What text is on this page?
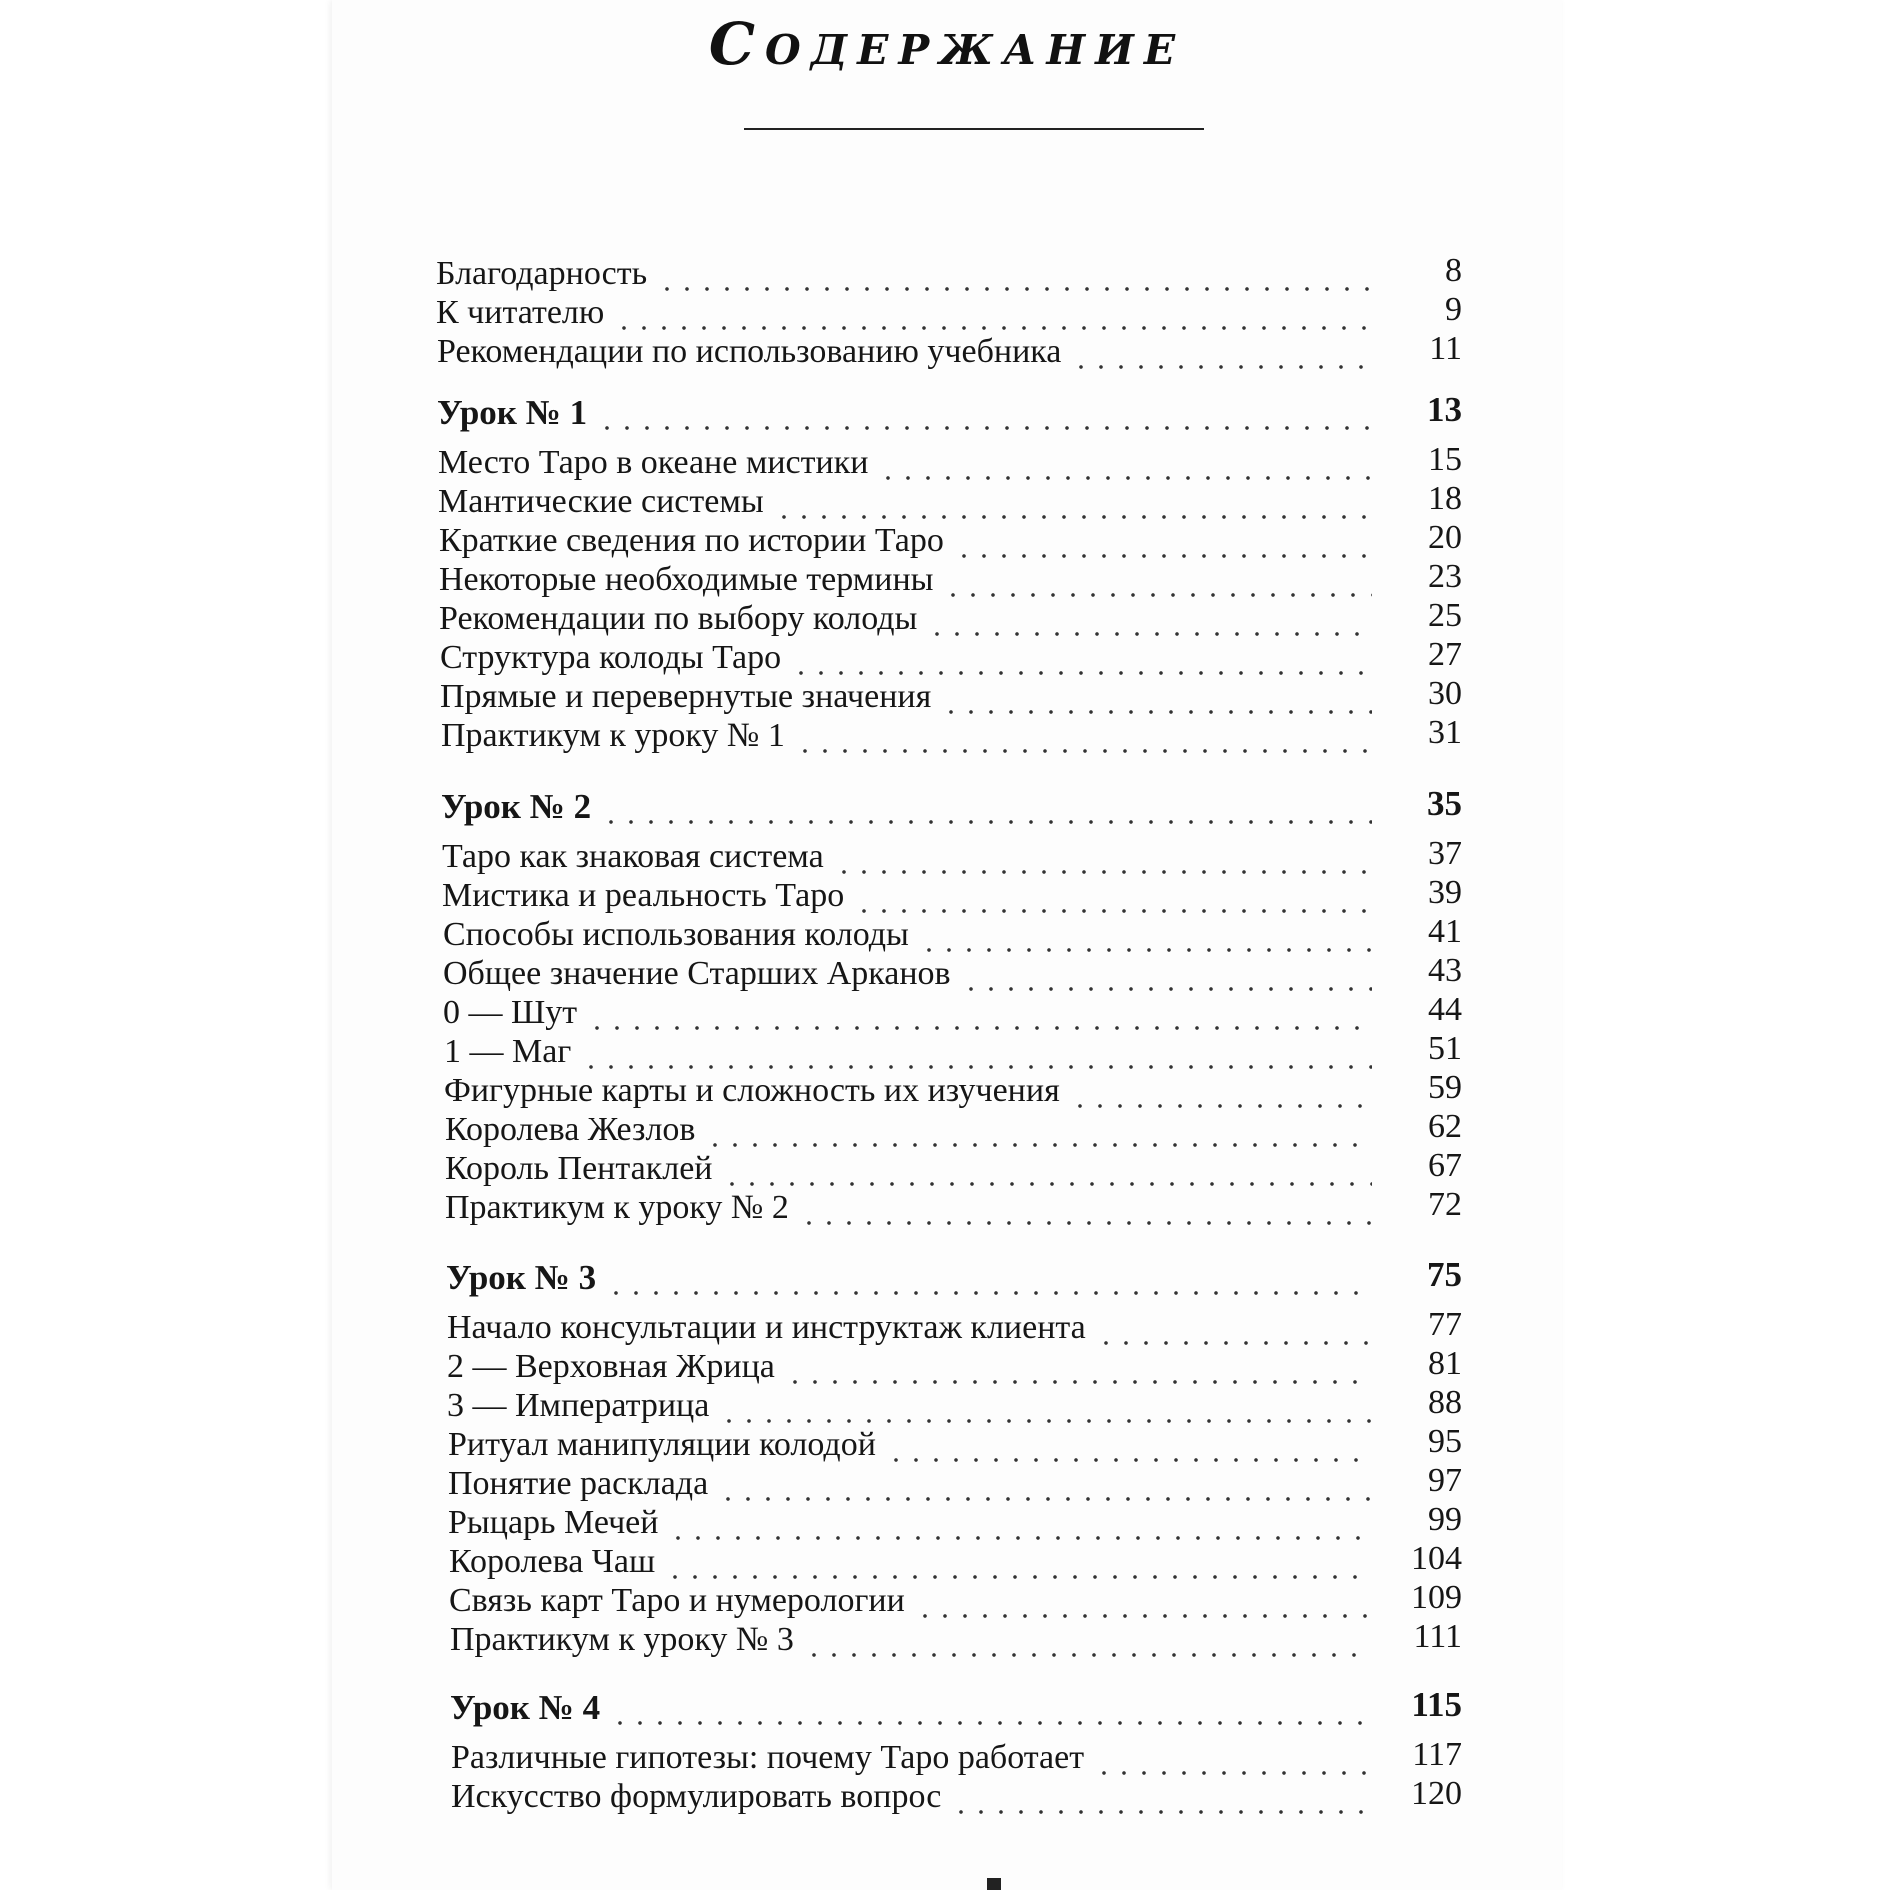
Содержание
Благодарность	8
К читателю	9
Рекомендации по использованию учебника	11
Урок № 1	13
Место Таро в океане мистики	15
Мантические системы	18
Краткие сведения по истории Таро	20
Некоторые необходимые термины	23
Рекомендации по выбору колоды	25
Структура колоды Таро	27
Прямые и перевернутые значения	30
Практикум к уроку № 1	31
Урок № 2	35
Таро как знаковая система	37
Мистика и реальность Таро	39
Способы использования колоды	41
Общее значение Старших Арканов	43
0 — Шут	44
1 — Маг	51
Фигурные карты и сложность их изучения	59
Королева Жезлов	62
Король Пентаклей	67
Практикум к уроку № 2	72
Урок № 3	75
Начало консультации и инструктаж клиента	77
2 — Верховная Жрица	81
3 — Императрица	88
Ритуал манипуляции колодой	95
Понятие расклада	97
Рыцарь Мечей	99
Королева Чаш	104
Связь карт Таро и нумерологии	109
Практикум к уроку № 3	111
Урок № 4	115
Различные гипотезы: почему Таро работает	117
Искусство формулировать вопрос	120
